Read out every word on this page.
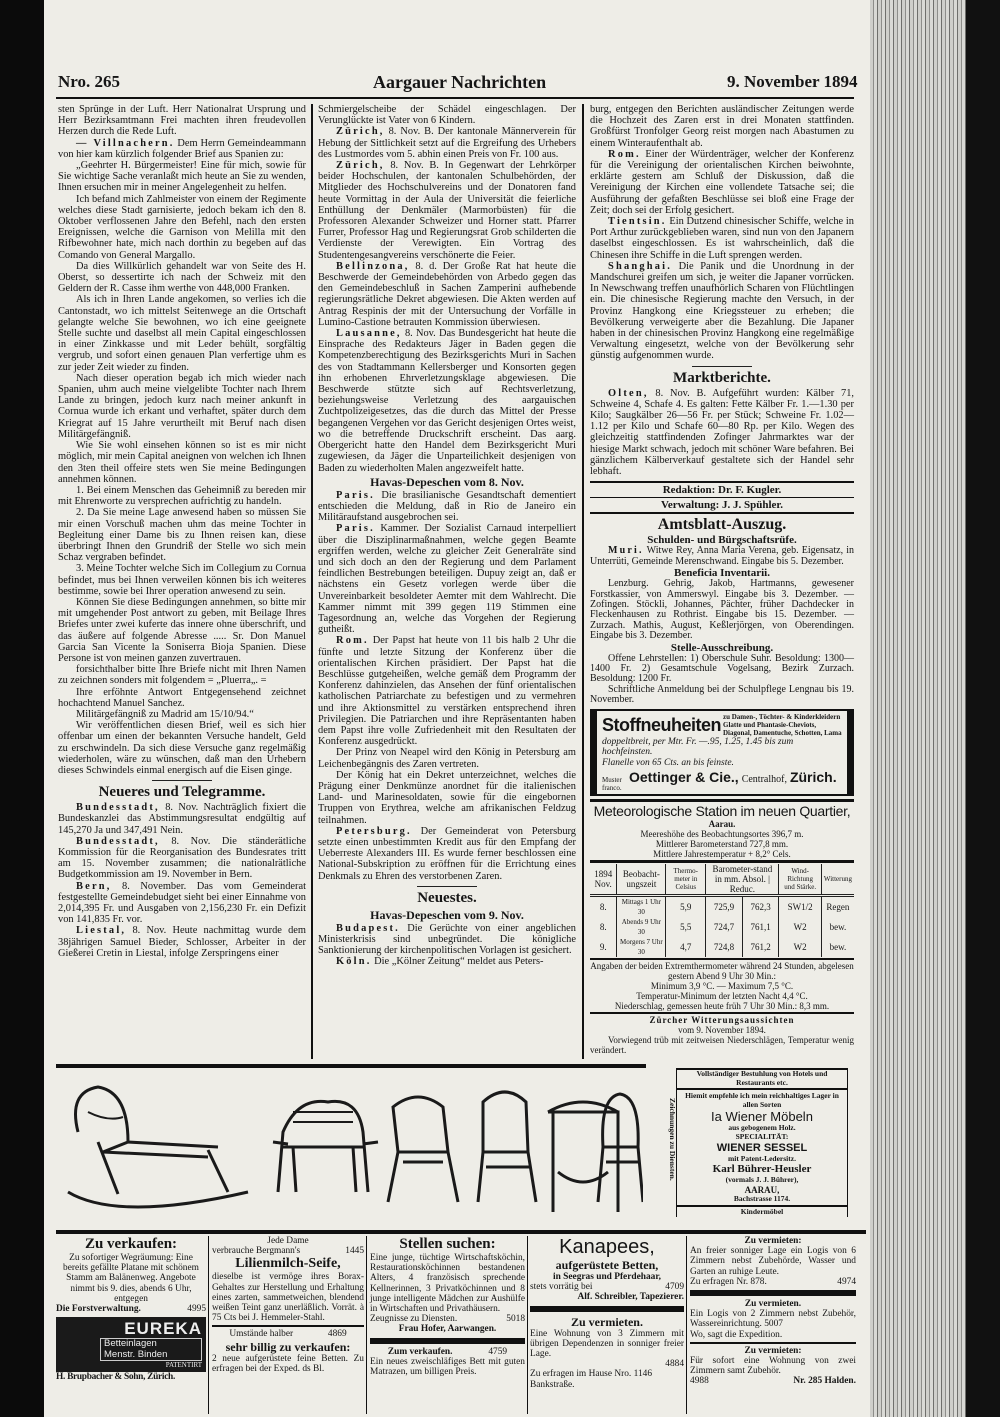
Nro. 265	Aargauer Nachrichten	9. November 1894

sten Sprünge in der Luft. Herr Nationalrat Ursprung und Herr Bezirksamtmann Frei machten ihren freudevollen Herzen durch die Rede Luft.

— Villnachern. Dem Herrn Gemeindeammann von hier kam kürzlich folgender Brief aus Spanien zu:

„Geehrter H. Bürgermeister! Eine für mich, sowie für Sie wichtige Sache veranlaßt mich heute an Sie zu wenden, Ihnen ersuchen mir in meiner Angelegenheit zu helfen.

Ich befand mich Zahlmeister von einem der Regimente welches diese Stadt garnisierte, jedoch bekam ich den 8. Oktober verflossenen Jahre den Befehl, nach den ersten Ereignissen, welche die Garnison von Melilla mit den Rifbewohner hate, mich nach dorthin zu begeben auf das Comando von General Margallo.

Da dies Willkürlich gehandelt war von Seite des H. Oberst, so dessertirte ich nach der Schweiz mit den Geldern der R. Casse ihm werthe von 448,000 Franken.

Als ich in Ihren Lande angekomen, so verlies ich die Cantonstadt, wo ich mittelst Seitenwege an die Ortschaft gelangte welche Sie bewohnen, wo ich eine geeignete Stelle suchte und daselbst all mein Capital eingeschlossen in einer Zinkkasse und mit Leder behült, sorgfältig vergrub, und sofort einen genauen Plan verfertige uhm es zur jeder Zeit wieder zu finden.

Nach dieser operation begab ich mich wieder nach Spanien, uhm auch meine vielgelibte Tochter nach Ihrem Lande zu bringen, jedoch kurz nach meiner ankunft in Cornua wurde ich erkant und verhaftet, später durch dem Kriegrat auf 15 Jahre verurtheilt mit Beruf nach disen Militärgefängniß.

Wie Sie wohl einsehen können so ist es mir nicht möglich, mir mein Capital aneignen von welchen ich Ihnen den 3ten theil offeire stets wen Sie meine Bedingungen annehmen können.

1. Bei einem Menschen das Geheimniß zu bereden mir mit Ehrenworte zu versprechen aufrichtig zu handeln.

2. Da Sie meine Lage anwesend haben so müssen Sie mir einen Vorschuß machen uhm das meine Tochter in Begleitung einer Dame bis zu Ihnen reisen kan, diese überbringt Ihnen den Grundriß der Stelle wo sich mein Schaz vergraben befindet.

3. Meine Tochter welche Sich im Collegium zu Cornua befindet, mus bei Ihnen verweilen können bis ich weiteres bestimme, sowie bei Ihrer operation anwesend zu sein.

Können Sie diese Bedingungen annehmen, so bitte mir mit umgehender Post antwort zu geben, mit Beilage Ihres Briefes unter zwei kuferte das innere ohne überschrift, und das äußere auf folgende Abresse ..... Sr. Don Manuel Garcia San Vicente la Soniserra Bioja Spanien. Diese Persone ist von meinen ganzen zuvertrauen.

forsichthalber bitte Ihre Briefe nicht mit Ihren Namen zu zeichnen sonders mit folgendem = „Pluerra„. =

Ihre erföhnte Antwort Entgegensehend zeichnet hochachtend Manuel Sanchez.

Militärgefängniß zu Madrid am 15/10/94.“

Wir veröffentlichen diesen Brief, weil es sich hier offenbar um einen der bekannten Versuche handelt, Geld zu erschwindeln. Da sich diese Versuche ganz regelmäßig wiederholen, wäre zu wünschen, daß man den Urhebern dieses Schwindels einmal energisch auf die Eisen ginge.

Neueres und Telegramme.

Bundesstadt, 8. Nov. Nachträglich fixiert die Bundeskanzlei das Abstimmungsresultat endgültig auf 145,270 Ja und 347,491 Nein.

Bundesstadt, 8. Nov. Die ständerätliche Kommission für die Reorganisation des Bundesrates tritt am 15. November zusammen; die nationalrätliche Budgetkommission am 19. November in Bern.

Bern, 8. November. Das vom Gemeinderat festgestellte Gemeindebudget sieht bei einer Einnahme von 2,014,395 Fr. und Ausgaben von 2,156,230 Fr. ein Defizit von 141,835 Fr. vor.

Liestal, 8. Nov. Heute nachmittag wurde dem 38jährigen Samuel Bieder, Schlosser, Arbeiter in der Gießerei Cretin in Liestal, infolge Zerspringens einer

Schmiergelscheibe der Schädel eingeschlagen. Der Verunglückte ist Vater von 6 Kindern.

Zürich, 8. Nov. B. Der kantonale Männerverein für Hebung der Sittlichkeit setzt auf die Ergreifung des Urhebers des Lustmordes vom 5. abhin einen Preis von Fr. 100 aus.

Zürich, 8. Nov. B. In Gegenwart der Lehrkörper beider Hochschulen, der kantonalen Schulbehörden, der Mitglieder des Hochschulvereins und der Donatoren fand heute Vormittag in der Aula der Universität die feierliche Enthüllung der Denkmäler (Marmorbüsten) für die Professoren Alexander Schweizer und Horner statt. Pfarrer Furrer, Professor Hag und Regierungsrat Grob schilderten die Verdienste der Verewigten. Ein Vortrag des Studentengesangvereins verschönerte die Feier.

Bellinzona, 8. d. Der Große Rat hat heute die Beschwerde der Gemeindebehörden von Arbedo gegen das den Gemeindebeschluß in Sachen Zamperini aufhebende regierungsrätliche Dekret abgewiesen. Die Akten werden auf Antrag Respinis der mit der Untersuchung der Vorfälle in Lumino-Castione betrauten Kommission überwiesen.

Lausanne, 8. Nov. Das Bundesgericht hat heute die Einsprache des Redakteurs Jäger in Baden gegen die Kompetenzberechtigung des Bezirksgerichts Muri in Sachen des von Stadtammann Kellersberger und Konsorten gegen ihn erhobenen Ehrverletzungsklage abgewiesen. Die Beschwerde stützte sich auf Rechtsverletzung, beziehungsweise Verletzung des aargauischen Zuchtpolizeigesetzes, das die durch das Mittel der Presse begangenen Vergehen vor das Gericht desjenigen Ortes weist, wo die betreffende Druckschrift erscheint. Das aarg. Obergericht hatte den Handel dem Bezirksgericht Muri zugewiesen, da Jäger die Unparteilichkeit desjenigen von Baden zu wiederholten Malen angezweifelt hatte.

Havas-Depeschen vom 8. Nov.

Paris. Die brasilianische Gesandtschaft dementiert entschieden die Meldung, daß in Rio de Janeiro ein Militäraufstand ausgebrochen sei.

Paris. Kammer. Der Sozialist Carnaud interpelliert über die Disziplinarmaßnahmen, welche gegen Beamte ergriffen werden, welche zu gleicher Zeit Generalräte sind und sich doch an den der Regierung und dem Parlament feindlichen Bestrebungen beteiligen. Dupuy zeigt an, daß er nächstens ein Gesetz vorlegen werde über die Unvereinbarkeit besoldeter Aemter mit dem Wahlrecht. Die Kammer nimmt mit 399 gegen 119 Stimmen eine Tagesordnung an, welche das Vorgehen der Regierung gutheißt.

Rom. Der Papst hat heute von 11 bis halb 2 Uhr die fünfte und letzte Sitzung der Konferenz über die orientalischen Kirchen präsidiert. Der Papst hat die Beschlüsse gutgeheißen, welche gemäß dem Programm der Konferenz dahinzielen, das Ansehen der fünf orientalischen katholischen Patriarchate zu befestigen und zu vermehren und ihre Aktionsmittel zu verstärken entsprechend ihren Privilegien. Die Patriarchen und ihre Repräsentanten haben dem Papst ihre volle Zufriedenheit mit den Resultaten der Konferenz ausgedrückt.

Der Prinz von Neapel wird den König in Petersburg am Leichenbegängnis des Zaren vertreten.

Der König hat ein Dekret unterzeichnet, welches die Prägung einer Denkmünze anordnet für die italienischen Land- und Marinesoldaten, sowie für die eingebornen Truppen von Erythrea, welche am afrikanischen Feldzug teilnahmen.

Petersburg. Der Gemeinderat von Petersburg setzte einen unbestimmten Kredit aus für den Empfang der Ueberreste Alexanders III. Es wurde ferner beschlossen eine National-Subskription zu eröffnen für die Errichtung eines Denkmals zu Ehren des verstorbenen Zaren.

Neuestes.
Havas-Depeschen vom 9. Nov.

Budapest. Die Gerüchte von einer angeblichen Ministerkrisis sind unbegründet. Die königliche Sanktionierung der kirchenpolitischen Vorlagen ist gesichert.

Köln. Die „Kölner Zeitung“ meldet aus Peters-

burg, entgegen den Berichten ausländischer Zeitungen werde die Hochzeit des Zaren erst in drei Monaten stattfinden. Großfürst Tronfolger Georg reist morgen nach Abastumen zu einem Winteraufenthalt ab.

Rom. Einer der Würdenträger, welcher der Konferenz für die Vereinigung der orientalischen Kirchen beiwohnte, erklärte gestern am Schluß der Diskussion, daß die Vereinigung der Kirchen eine vollendete Tatsache sei; die Ausführung der gefaßten Beschlüsse sei bloß eine Frage der Zeit; doch sei der Erfolg gesichert.

Tientsin. Ein Dutzend chinesischer Schiffe, welche in Port Arthur zurückgeblieben waren, sind nun von den Japanern daselbst eingeschlossen. Es ist wahrscheinlich, daß die Chinesen ihre Schiffe in die Luft sprengen werden.

Shanghai. Die Panik und die Unordnung in der Mandschurei greifen um sich, je weiter die Japaner vorrücken. In Newschwang treffen unaufhörlich Scharen von Flüchtlingen ein. Die chinesische Regierung machte den Versuch, in der Provinz Hangkong eine Kriegssteuer zu erheben; die Bevölkerung verweigerte aber die Bezahlung. Die Japaner haben in der chinesischen Provinz Hangkong eine regelmäßige Verwaltung eingesetzt, welche von der Bevölkerung sehr günstig aufgenommen wurde.

Marktberichte.

Olten, 8. Nov. B. Aufgeführt wurden: Kälber 71, Schweine 4, Schafe 4. Es galten: Fette Kälber Fr. 1.—1.30 per Kilo; Saugkälber 26—56 Fr. per Stück; Schweine Fr. 1.02—1.12 per Kilo und Schafe 60—80 Rp. per Kilo. Wegen des gleichzeitig stattfindenden Zofinger Jahrmarktes war der hiesige Markt schwach, jedoch mit schöner Ware befahren. Bei gänzlichem Kälberverkauf gestaltete sich der Handel sehr lebhaft.

Redaktion: Dr. F. Kugler.
Verwaltung: J. J. Spühler.
Amtsblatt-Auszug.
Schulden- und Bürgschaftsrüfe.

Muri. Witwe Rey, Anna Maria Verena, geb. Eigensatz, in Unterrüti, Gemeinde Merenschwand. Eingabe bis 5. Dezember.

Beneficia Inventarii.

Lenzburg. Gehrig, Jakob, Hartmanns, gewesener Forstkassier, von Ammerswyl. Eingabe bis 3. Dezember. — Zofingen. Stöckli, Johannes, Pächter, früher Dachdecker in Fleckenhausen zu Rothrist. Eingabe bis 15. Dezember. — Zurzach. Mathis, August, Keßlerjörgen, von Oberendingen. Eingabe bis 3. Dezember.

Stelle-Ausschreibung.

Offene Lehrstellen: 1) Oberschule Suhr. Besoldung: 1300—1400 Fr. 2) Gesamtschule Vogelsang, Bezirk Zurzach. Besoldung: 1200 Fr.

Schriftliche Anmeldung bei der Schulpflege Lengnau bis 19. November.

Stoffneuheiten zu Damen-, Töchter- & Kinderkleidern Glatte und Phantasie-Cheviots, Diagonal, Damentuche, Schotten, Lama
doppeltbreit, per Mtr. Fr. —.95, 1.25, 1.45 bis zum hochfeinsten.
Flanelle von 65 Cts. an bis feinste.
Muster franco.
Oettinger & Cie., Centralhof, Zürich.
Meteorologische Station im neuen Quartier,
Aarau.
Meereshöhe des Beobachtungsortes 396,7 m.
Mittlerer Barometerstand 727,8 mm.
Mittlere Jahrestemperatur + 8,2° Cels.
1894 Nov.	Beobacht-ungszeit	Thermo-meter in Celsius	Barometer-stand in mm. Absol. | Reduc.		Wind-Richtung und Stärke.	Witterung
8.	Mittags 1 Uhr 30	5,9	725,9	762,3	SW1/2	Regen
8.	Abends 9 Uhr 30	5,5	724,7	761,1	W2	bew.
9.	Morgens 7 Uhr 30	4,7	724,8	761,2	W2	bew.
Angaben der beiden Extremthermometer während 24 Stunden, abgelesen gestern Abend 9 Uhr 30 Min.:
Minimum 3,9 °C. — Maximum 7,5 °C.
Temperatur-Minimum der letzten Nacht 4,4 °C.
Niederschlag, gemessen heute früh 7 Uhr 30 Min.: 8,3 mm.
Zürcher Witterungsaussichten
vom 9. November 1894.

Vorwiegend trüb mit zeitweisen Niederschlägen, Temperatur wenig verändert.

Zeichnungen zu Diensten.
Vollständiger Bestuhlung von Hotels und Restaurants etc.
Hiemit empfehle ich mein reichhaltiges Lager in allen Sorten
Ia Wiener Möbeln
aus gebogenem Holz.
SPECIALITÄT:
WIENER SESSEL
mit Patent-Ledersitz.
Karl Bührer-Heusler
(vormals J. J. Bührer),
AARAU,
Bachstrasse 1174.
Kindermöbel
Zu verkaufen:
Zu sofortiger Wegräumung: Eine bereits gefällte Platane mit schönem Stamm am Balänenweg. Angebote nimmt bis 9. dies, abends 6 Uhr, entgegen
Die Forstverwaltung.	4995
EUREKA
Betteinlagen
Menstr. Binden
PATENTIRT
H. Brupbacher & Sohn, Zürich.
Jede Dame
verbrauche Bergmann's	1445
Lilienmilch-Seife,
dieselbe ist vermöge ihres Borax-Gehaltes zur Herstellung und Erhaltung eines zarten, sammetweichen, blendend weißen Teint ganz unerläßlich. Vorrät. à 75 Cts bei J. Hemmeler-Stahl.
Umstände halber	4869
sehr billig zu verkaufen:
2 neue aufgerüstete feine Betten. Zu erfragen bei der Exped. ds Bl.
Stellen suchen:
Eine junge, tüchtige Wirtschaftsköchin, Restaurationsköchinnen bestandenen Alters, 4 französisch sprechende Kellnerinnen, 3 Privatköchinnen und 8 junge intelligente Mädchen zur Aushülfe in Wirtschaften und Privathäusern.
Zeugnisse zu Diensten.	5018
Frau Hofer, Aarwangen.
Zum verkaufen.	4759
Ein neues zweischläfiges Bett mit guten Matrazen, um billigen Preis.
Kanapees,
aufgerüstete Betten,
in Seegras und Pferdehaar,
stets vorrätig bei	4709
Alf. Schreibler, Tapezierer.
Zu vermieten.
Eine Wohnung von 3 Zimmern mit übrigen Dependenzen in sonniger freier Lage.
4884
Zu erfragen im Hause Nro. 1146 Bankstraße.
Zu vermieten:
An freier sonniger Lage ein Logis von 6 Zimmern nebst Zubehörde, Wasser und Garten an ruhige Leute.
Zu erfragen Nr. 878.	4974
Zu vermieten.
Ein Logis von 2 Zimmern nebst Zubehör, Wassereinrichtung. 5007
Wo, sagt die Expedition.
Zu vermieten:
Für sofort eine Wohnung von zwei Zimmern samt Zubehör.
4988	Nr. 285 Halden.
